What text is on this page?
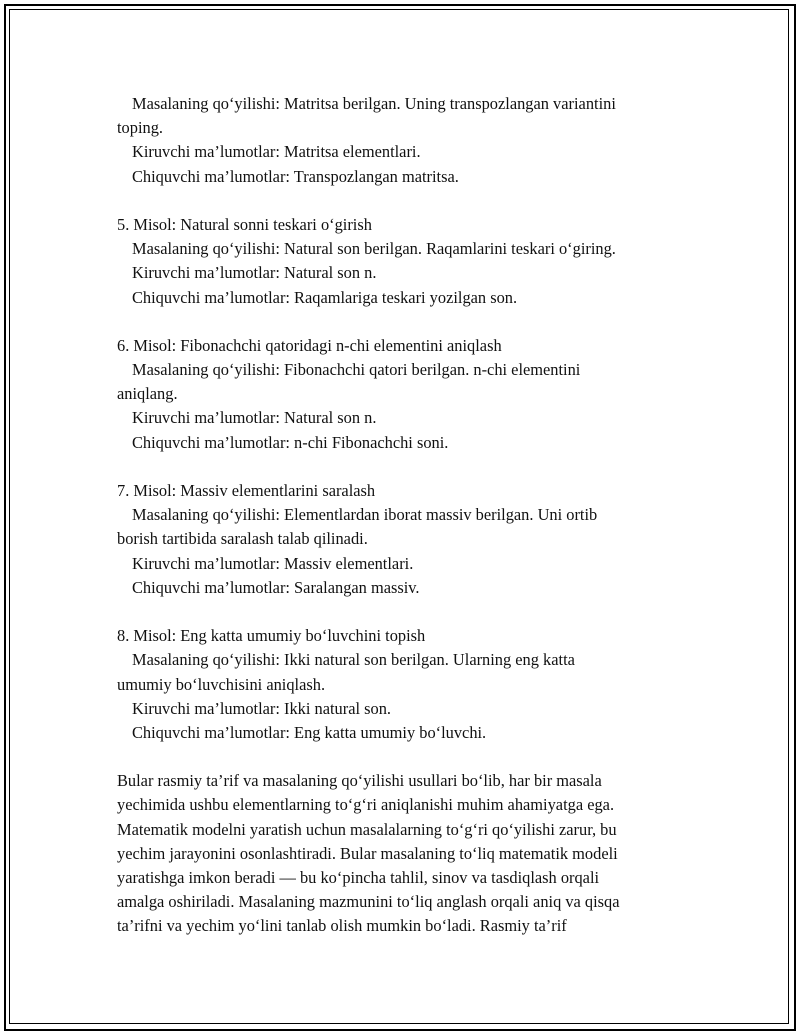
Masalaning qo‘yilishi: Matritsa berilgan. Uning transpozlangan variantini
toping.
Kiruvchi ma’lumotlar: Matritsa elementlari.
Chiquvchi ma’lumotlar: Transpozlangan matritsa.
5. Misol: Natural sonni teskari o‘girish
Masalaning qo‘yilishi: Natural son berilgan. Raqamlarini teskari o‘giring.
Kiruvchi ma’lumotlar: Natural son n.
Chiquvchi ma’lumotlar: Raqamlariga teskari yozilgan son.
6. Misol: Fibonachchi qatoridagi n-chi elementini aniqlash
Masalaning qo‘yilishi: Fibonachchi qatori berilgan. n-chi elementini
aniqlang.
Kiruvchi ma’lumotlar: Natural son n.
Chiquvchi ma’lumotlar: n-chi Fibonachchi soni.
7. Misol: Massiv elementlarini saralash
Masalaning qo‘yilishi: Elementlardan iborat massiv berilgan. Uni ortib
borish tartibida saralash talab qilinadi.
Kiruvchi ma’lumotlar: Massiv elementlari.
Chiquvchi ma’lumotlar: Saralangan massiv.
8. Misol: Eng katta umumiy bo‘luvchini topish
Masalaning qo‘yilishi: Ikki natural son berilgan. Ularning eng katta
umumiy bo‘luvchisini aniqlash.
Kiruvchi ma’lumotlar: Ikki natural son.
Chiquvchi ma’lumotlar: Eng katta umumiy bo‘luvchi.
Bular rasmiy ta’rif va masalaning qo‘yilishi usullari bo‘lib, har bir masala
yechimida ushbu elementlarning to‘g‘ri aniqlanishi muhim ahamiyatga ega.
Matematik modelni yaratish uchun masalalarning to‘g‘ri qo‘yilishi zarur, bu
yechim jarayonini osonlashtiradi. Bular masalaning to‘liq matematik modeli
yaratishga imkon beradi — bu ko‘pincha tahlil, sinov va tasdiqlash orqali
amalga oshiriladi. Masalaning mazmunini to‘liq anglash orqali aniq va qisqa
ta’rifni va yechim yo‘lini tanlab olish mumkin bo‘ladi. Rasmiy ta’rif
